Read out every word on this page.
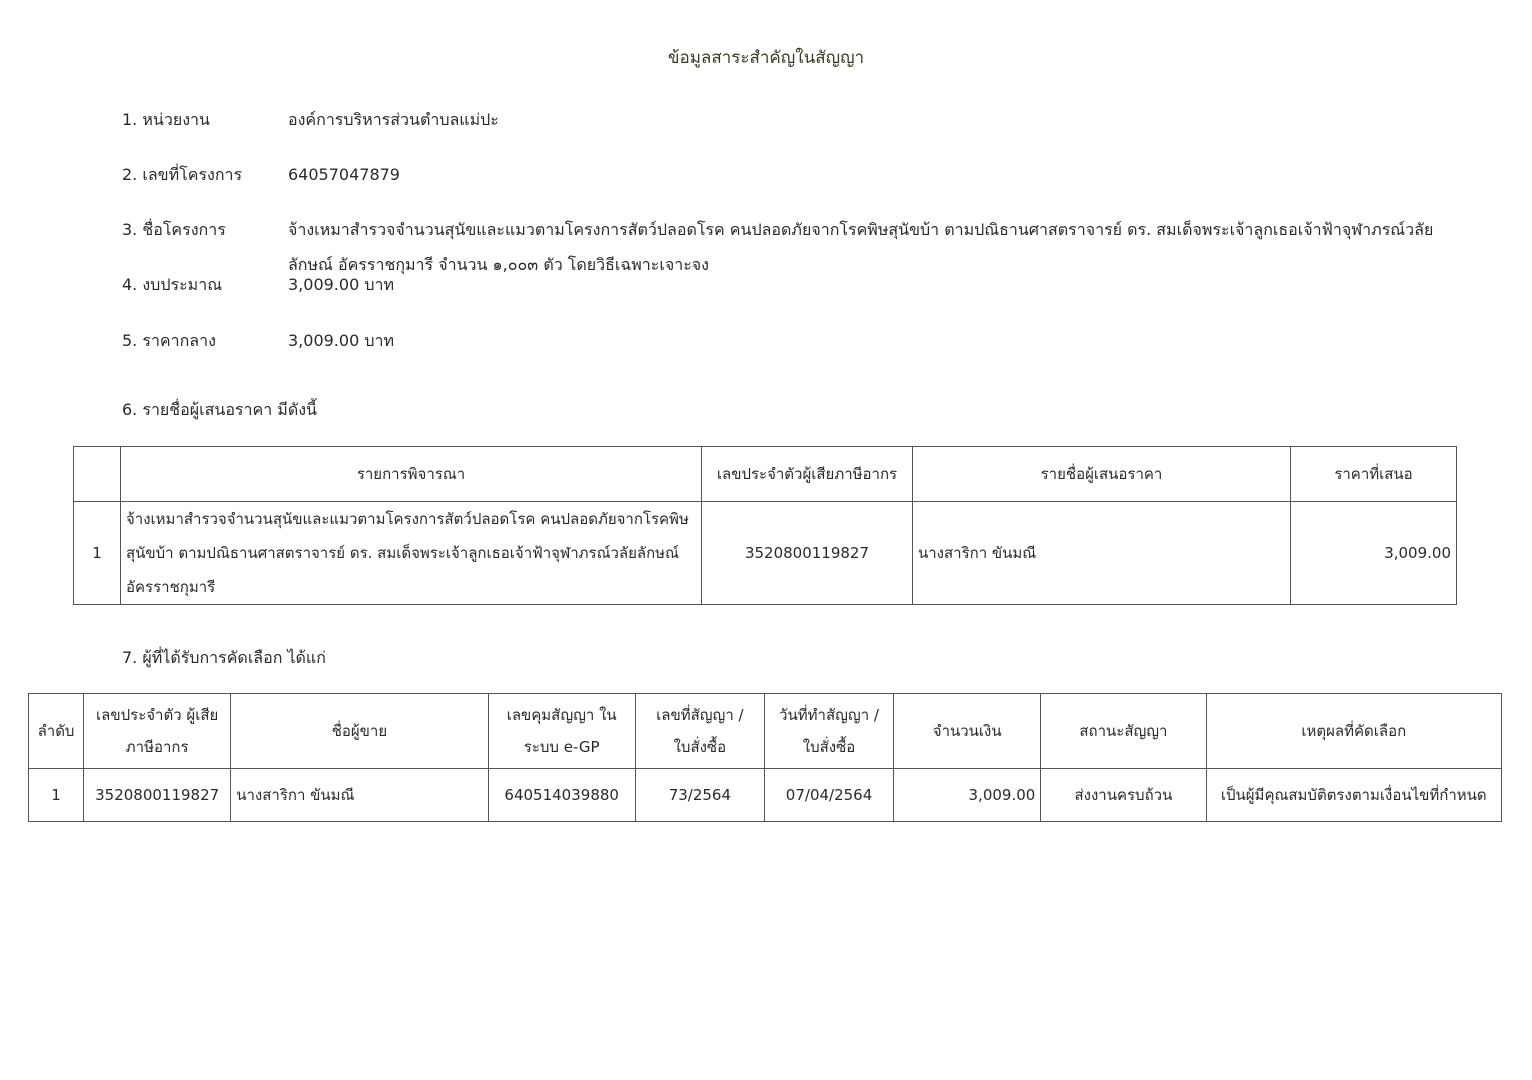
ข้อมูลสาระสำคัญในสัญญา
1. หน่วยงาน	องค์การบริหารส่วนตำบลแม่ปะ
2. เลขที่โครงการ	64057047879
3. ชื่อโครงการ	จ้างเหมาสำรวจจำนวนสุนัขและแมวตามโครงการสัตว์ปลอดโรค คนปลอดภัยจากโรคพิษสุนัขบ้า ตามปณิธานศาสตราจารย์ ดร. สมเด็จพระเจ้าลูกเธอเจ้าฟ้าจุฬาภรณ์วลัยลักษณ์ อัครราชกุมารี จำนวน ๑,๐๐๓ ตัว โดยวิธีเฉพาะเจาะจง
4. งบประมาณ	3,009.00 บาท
5. ราคากลาง	3,009.00 บาท
6. รายชื่อผู้เสนอราคา มีดังนี้
	รายการพิจารณา	เลขประจำตัวผู้เสียภาษีอากร	รายชื่อผู้เสนอราคา	ราคาที่เสนอ
1	จ้างเหมาสำรวจจำนวนสุนัขและแมวตามโครงการสัตว์ปลอดโรค คนปลอดภัยจากโรคพิษสุนัขบ้า ตามปณิธานศาสตราจารย์ ดร. สมเด็จพระเจ้าลูกเธอเจ้าฟ้าจุฬาภรณ์วลัยลักษณ์ อัครราชกุมารี	3520800119827	นางสาริกา ขันมณี	3,009.00
7. ผู้ที่ได้รับการคัดเลือก ได้แก่
ลำดับ	เลขประจำตัว ผู้เสียภาษีอากร	ชื่อผู้ขาย	เลขคุมสัญญา ในระบบ e-GP	เลขที่สัญญา / ใบสั่งซื้อ	วันที่ทำสัญญา / ใบสั่งซื้อ	จำนวนเงิน	สถานะสัญญา	เหตุผลที่คัดเลือก
1	3520800119827	นางสาริกา ขันมณี	640514039880	73/2564	07/04/2564	3,009.00	ส่งงานครบถ้วน	เป็นผู้มีคุณสมบัติตรงตามเงื่อนไขที่กำหนด
